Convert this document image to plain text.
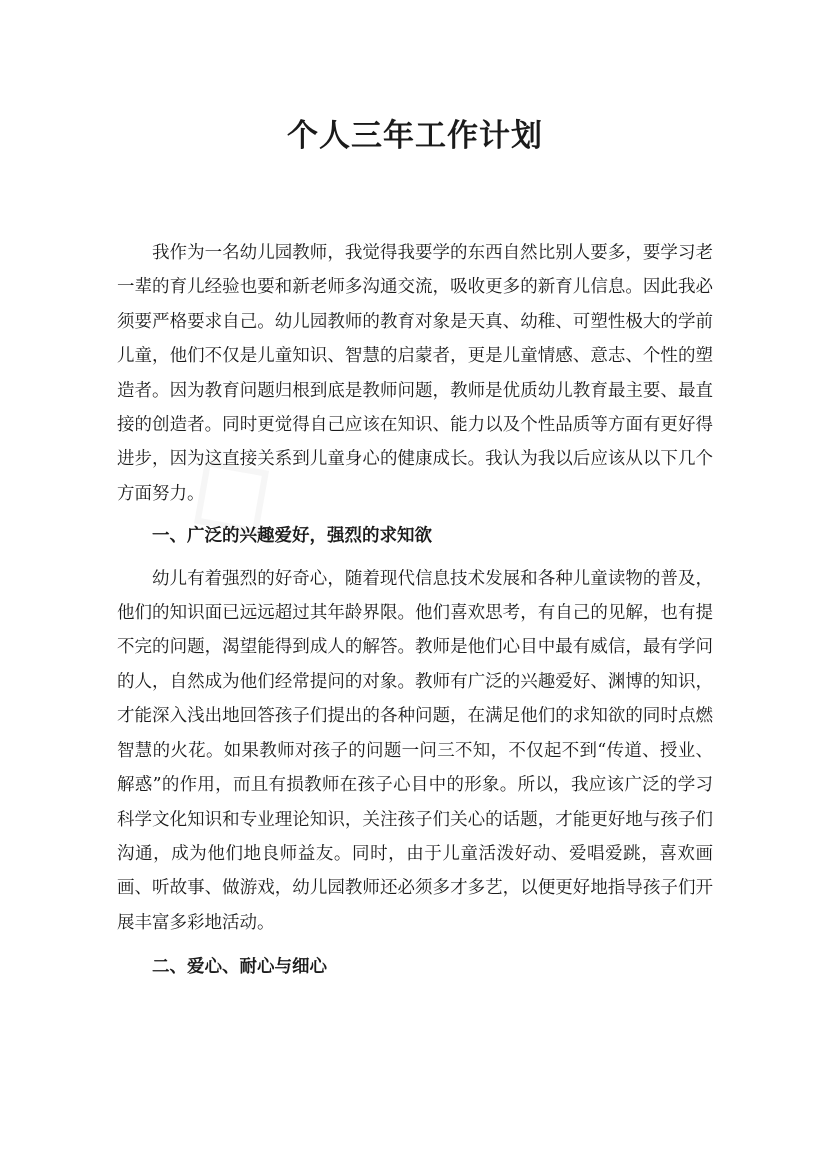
个人三年工作计划

我作为一名幼儿园教师，我觉得我要学的东西自然比别人要多，要学习老一辈的育儿经验也要和新老师多沟通交流，吸收更多的新育儿信息。因此我必须要严格要求自己。幼儿园教师的教育对象是天真、幼稚、可塑性极大的学前儿童，他们不仅是儿童知识、智慧的启蒙者，更是儿童情感、意志、个性的塑造者。因为教育问题归根到底是教师问题，教师是优质幼儿教育最主要、最直接的创造者。同时更觉得自己应该在知识、能力以及个性品质等方面有更好得进步，因为这直接关系到儿童身心的健康成长。我认为我以后应该从以下几个方面努力。

一、广泛的兴趣爱好，强烈的求知欲

幼儿有着强烈的好奇心，随着现代信息技术发展和各种儿童读物的普及，他们的知识面已远远超过其年龄界限。他们喜欢思考，有自己的见解，也有提不完的问题，渴望能得到成人的解答。教师是他们心目中最有威信，最有学问的人，自然成为他们经常提问的对象。教师有广泛的兴趣爱好、渊博的知识，才能深入浅出地回答孩子们提出的各种问题，在满足他们的求知欲的同时点燃智慧的火花。如果教师对孩子的问题一问三不知，不仅起不到“传道、授业、解惑”的作用，而且有损教师在孩子心目中的形象。所以，我应该广泛的学习科学文化知识和专业理论知识，关注孩子们关心的话题，才能更好地与孩子们沟通，成为他们地良师益友。同时，由于儿童活泼好动、爱唱爱跳，喜欢画画、听故事、做游戏，幼儿园教师还必须多才多艺，以便更好地指导孩子们开展丰富多彩地活动。

二、爱心、耐心与细心
